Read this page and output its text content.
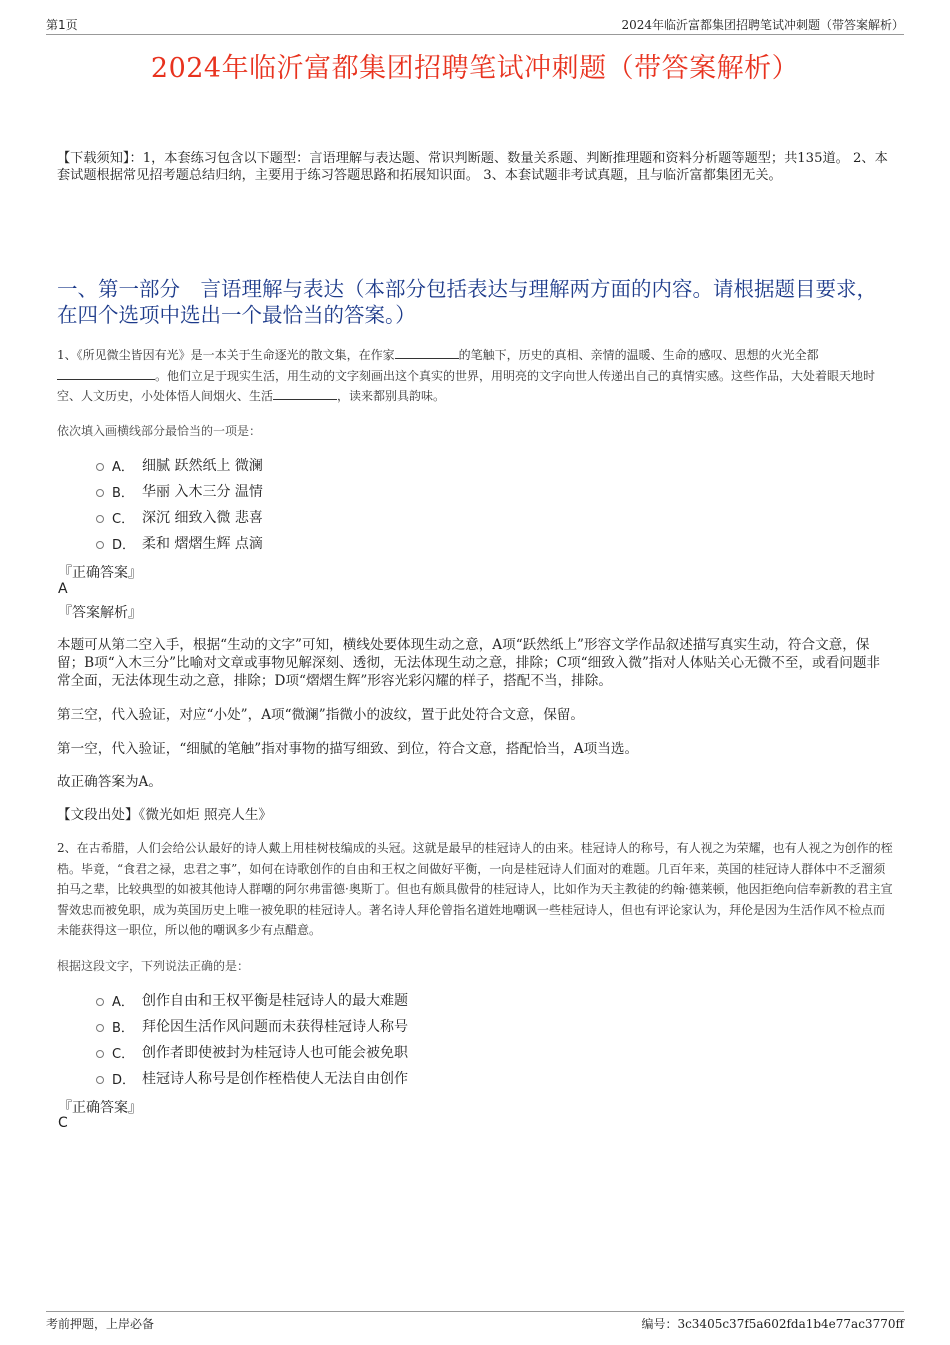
第1页	2024年临沂富都集团招聘笔试冲刺题（带答案解析）
2024年临沂富都集团招聘笔试冲刺题（带答案解析）
【下载须知】：1，本套练习包含以下题型：言语理解与表达题、常识判断题、数量关系题、判断推理题和资料分析题等题型；共135道。 2、本套试题根据常见招考题总结归纳，主要用于练习答题思路和拓展知识面。 3、本套试题非考试真题，且与临沂富都集团无关。
一、第一部分　言语理解与表达（本部分包括表达与理解两方面的内容。请根据题目要求，在四个选项中选出一个最恰当的答案。）
1、《所见微尘皆因有光》是一本关于生命逐光的散文集，在作家	的笔触下，历史的真相、亲情的温暖、生命的感叹、思想的火光全都。他们立足于现实生活，用生动的文字刻画出这个真实的世界，用明亮的文字向世人传递出自己的真情实感。这些作品，大处着眼天地时空、人文历史，小处体悟人间烟火、生活	，读来都别具韵味。
依次填入画横线部分最恰当的一项是：
A． 细腻 跃然纸上 微澜
B． 华丽 入木三分 温情
C． 深沉 细致入微 悲喜
D． 柔和 熠熠生辉 点滴
『正确答案』
A
『答案解析』
本题可从第二空入手，根据“生动的文字”可知，横线处要体现生动之意，A项“跃然纸上”形容文学作品叙述描写真实生动，符合文意，保留；B项“入木三分”比喻对文章或事物见解深刻、透彻，无法体现生动之意，排除；C项“细致入微”指对人体贴关心无微不至，或看问题非常全面，无法体现生动之意，排除；D项“熠熠生辉”形容光彩闪耀的样子，搭配不当，排除。
第三空，代入验证，对应“小处”，A项“微澜”指微小的波纹，置于此处符合文意，保留。
第一空，代入验证，“细腻的笔触”指对事物的描写细致、到位，符合文意，搭配恰当，A项当选。
故正确答案为A。
【文段出处】《微光如炬 照亮人生》
2、在古希腊，人们会给公认最好的诗人戴上用桂树枝编成的头冠。这就是最早的桂冠诗人的由来。桂冠诗人的称号，有人视之为荣耀，也有人视之为创作的桎梏。毕竟，“食君之禄，忠君之事”，如何在诗歌创作的自由和王权之间做好平衡，一向是桂冠诗人们面对的难题。几百年来，英国的桂冠诗人群体中不乏溜须拍马之辈，比较典型的如被其他诗人群嘲的阿尔弗雷德·奥斯丁。但也有颇具傲骨的桂冠诗人，比如作为天主教徒的约翰·德莱顿，他因拒绝向信奉新教的君主宣誓效忠而被免职，成为英国历史上唯一被免职的桂冠诗人。著名诗人拜伦曾指名道姓地嘲讽一些桂冠诗人，但也有评论家认为，拜伦是因为生活作风不检点而未能获得这一职位，所以他的嘲讽多少有点醋意。
根据这段文字，下列说法正确的是：
A． 创作自由和王权平衡是桂冠诗人的最大难题
B． 拜伦因生活作风问题而未获得桂冠诗人称号
C． 创作者即使被封为桂冠诗人也可能会被免职
D． 桂冠诗人称号是创作桎梏使人无法自由创作
『正确答案』
C
考前押题，上岸必备	编号：3c3405c37f5a602fda1b4e77ac3770ff
